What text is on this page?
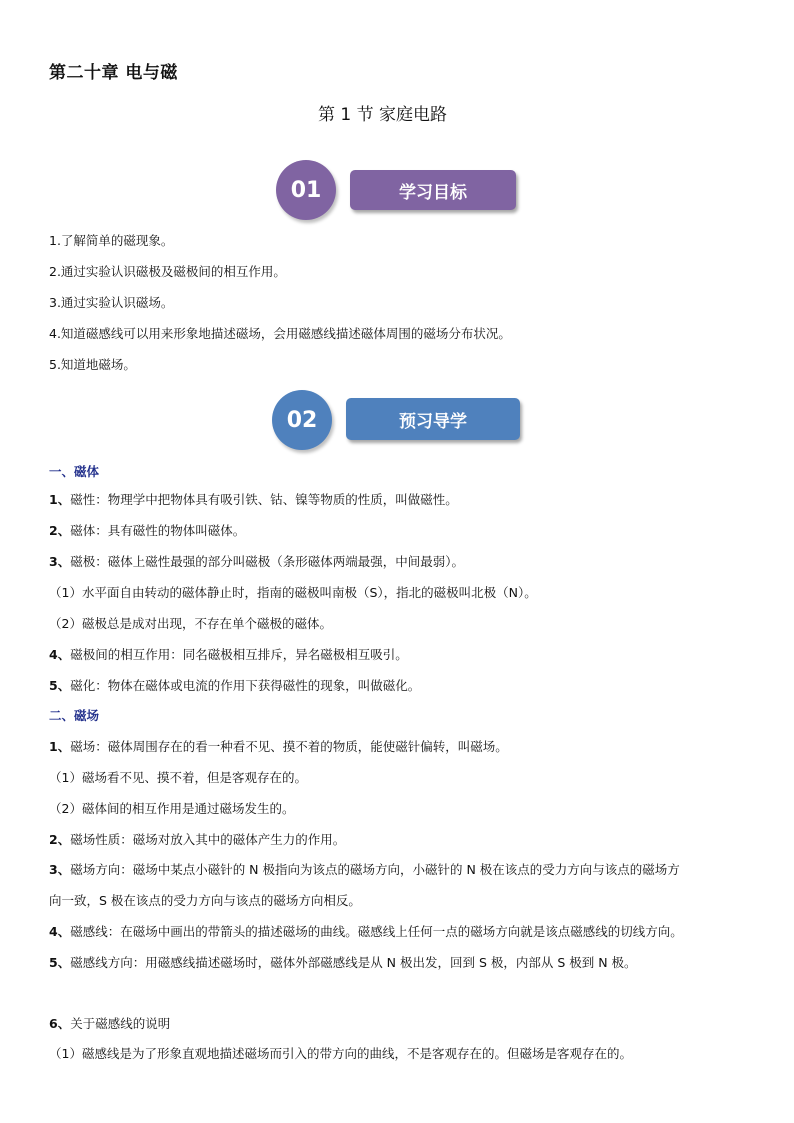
第二十章 电与磁
第 1 节 家庭电路
学习目标
01
1.了解简单的磁现象。
2.通过实验认识磁极及磁极间的相互作用。
3.通过实验认识磁场。
4.知道磁感线可以用来形象地描述磁场，会用磁感线描述磁体周围的磁场分布状况。
5.知道地磁场。
预习导学
02
一、磁体
1、磁性：物理学中把物体具有吸引铁、钴、镍等物质的性质，叫做磁性。
2、磁体：具有磁性的物体叫磁体。
3、磁极：磁体上磁性最强的部分叫磁极（条形磁体两端最强，中间最弱）。
（1）水平面自由转动的磁体静止时，指南的磁极叫南极（S），指北的磁极叫北极（N）。
（2）磁极总是成对出现，不存在单个磁极的磁体。
4、磁极间的相互作用：同名磁极相互排斥，异名磁极相互吸引。
5、磁化：物体在磁体或电流的作用下获得磁性的现象，叫做磁化。
二、磁场
1、磁场：磁体周围存在的看一种看不见、摸不着的物质，能使磁针偏转，叫磁场。
（1）磁场看不见、摸不着，但是客观存在的。
（2）磁体间的相互作用是通过磁场发生的。
2、磁场性质：磁场对放入其中的磁体产生力的作用。
3、磁场方向：磁场中某点小磁针的 N 极指向为该点的磁场方向，小磁针的 N 极在该点的受力方向与该点的磁场方
向一致，S 极在该点的受力方向与该点的磁场方向相反。
4、磁感线：在磁场中画出的带箭头的描述磁场的曲线。磁感线上任何一点的磁场方向就是该点磁感线的切线方向。
5、磁感线方向：用磁感线描述磁场时，磁体外部磁感线是从 N 极出发，回到 S 极，内部从 S 极到 N 极。
6、关于磁感线的说明
（1）磁感线是为了形象直观地描述磁场而引入的带方向的曲线，不是客观存在的。但磁场是客观存在的。
